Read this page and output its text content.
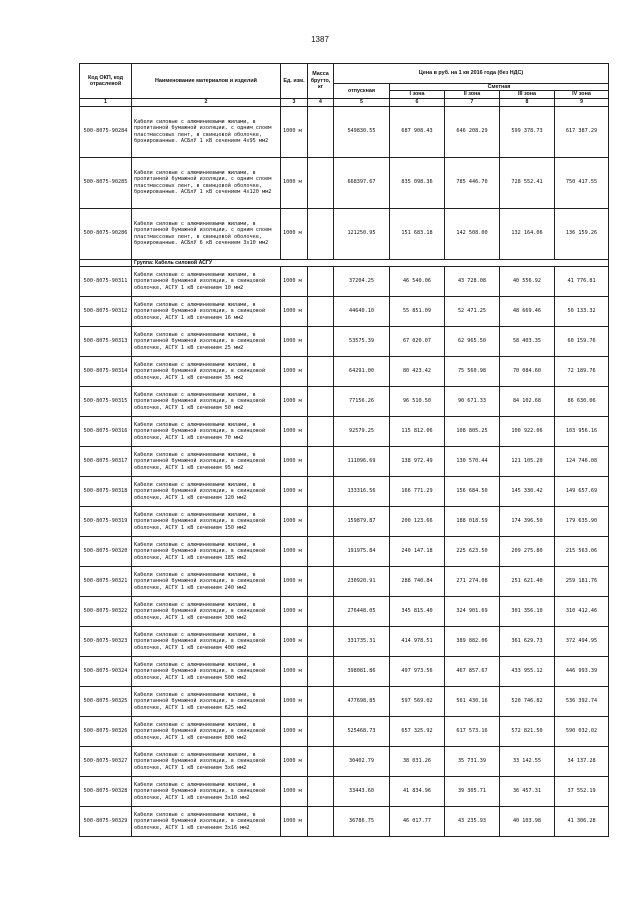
1387
Код ОКП, код отраслевой	Наименование материалов и изделий	Ед. изм.	Масса брутто, кг	Цена в руб. на 1 кв 2016 года (без НДС)				
				отпускная	Сметная			
					I зона	II зона	III зона	IV зона
1	2	3	4	5	6	7	8	9
500-8075-90284	Кабели силовые с алюминиевыми жилами, в пропитанной бумажной изоляции, с одним слоем пластмассовых лент, в свинцовой оболочке, бронированные. АСБлУ 1 кВ сечением 4х95 мм2	1000 м		549830.55	687 908.43	646 208.29	599 378.73	617 387.29
500-8075-90285	Кабели силовые с алюминиевыми жилами, в пропитанной бумажной изоляции, с одним слоем пластмассовых лент, в свинцовой оболочке, бронированные. АСБлУ 1 кВ сечением 4х120 мм2	1000 м		668397.67	835 098.36	785 446.70	728 552.41	750 417.55
500-8075-90286	Кабели силовые с алюминиевыми жилами, в пропитанной бумажной изоляции, с одним слоем пластмассовых лент, в свинцовой оболочке, бронированные. АСБлУ 6 кВ сечением 3х10 мм2	1000 м		121250.95	151 683.18	142 508.00	132 164.06	136 159.26
	Группа: Кабель силовой АСГУ							
500-8075-90311	Кабели силовые с алюминиевыми жилами, в пропитанной бумажной изоляции, в свинцовой оболочке, АСГУ 1 кВ сечением 10 мм2	1000 м		37204.25	46 540.06	43 728.08	40 556.92	41 776.81
500-8075-90312	Кабели силовые с алюминиевыми жилами, в пропитанной бумажной изоляции, в свинцовой оболочке, АСГУ 1 кВ сечением 16 мм2	1000 м		44640.10	55 851.09	52 471.25	48 669.46	50 133.32
500-8075-90313	Кабели силовые с алюминиевыми жилами, в пропитанной бумажной изоляции, в свинцовой оболочке, АСГУ 1 кВ сечением 25 мм2	1000 м		53575.39	67 020.07	62 965.50	58 403.35	60 159.76
500-8075-90314	Кабели силовые с алюминиевыми жилами, в пропитанной бумажной изоляции, в свинцовой оболочке, АСГУ 1 кВ сечением 35 мм2	1000 м		64291.00	80 423.42	75 560.98	70 084.60	72 189.76
500-8075-90315	Кабели силовые с алюминиевыми жилами, в пропитанной бумажной изоляции, в свинцовой оболочке, АСГУ 1 кВ сечением 50 мм2	1000 м		77156.26	96 510.50	90 671.33	84 102.68	86 630.06
500-8075-90316	Кабели силовые с алюминиевыми жилами, в пропитанной бумажной изоляции, в свинцовой оболочке, АСГУ 1 кВ сечением 70 мм2	1000 м		92579.25	115 812.06	108 805.25	100 922.06	103 956.16
500-8075-90317	Кабели силовые с алюминиевыми жилами, в пропитанной бумажной изоляции, в свинцовой оболочке, АСГУ 1 кВ сечением 95 мм2	1000 м		111096.69	138 972.49	130 570.44	121 105.20	124 746.08
500-8075-90318	Кабели силовые с алюминиевыми жилами, в пропитанной бумажной изоляции, в свинцовой оболочке, АСГУ 1 кВ сечением 120 мм2	1000 м		133316.56	166 771.29	156 684.50	145 330.42	149 657.69
500-8075-90319	Кабели силовые с алюминиевыми жилами, в пропитанной бумажной изоляции, в свинцовой оболочке, АСГУ 1 кВ сечением 150 мм2	1000 м		159879.87	200 123.66	188 018.59	174 396.50	179 635.90
500-8075-90320	Кабели силовые с алюминиевыми жилами, в пропитанной бумажной изоляции, в свинцовой оболочке, АСГУ 1 кВ сечением 185 мм2	1000 м		191975.84	240 147.18	225 623.50	209 275.80	215 563.06
500-8075-90321	Кабели силовые с алюминиевыми жилами, в пропитанной бумажной изоляции, в свинцовой оболочке, АСГУ 1 кВ сечением 240 мм2	1000 м		230920.91	288 740.84	271 274.08	251 621.40	259 181.76
500-8075-90322	Кабели силовые с алюминиевыми жилами, в пропитанной бумажной изоляции, в свинцовой оболочке, АСГУ 1 кВ сечением 300 мм2	1000 м		276448.05	345 815.40	324 901.69	301 356.10	310 412.46
500-8075-90323	Кабели силовые с алюминиевыми жилами, в пропитанной бумажной изоляции, в свинцовой оболочке, АСГУ 1 кВ сечением 400 мм2	1000 м		331735.31	414 978.51	389 882.06	361 629.73	372 494.95
500-8075-90324	Кабели силовые с алюминиевыми жилами, в пропитанной бумажной изоляции, в свинцовой оболочке, АСГУ 1 кВ сечением 500 мм2	1000 м		398081.86	497 973.56	467 857.67	433 955.12	446 993.39
500-8075-90325	Кабели силовые с алюминиевыми жилами, в пропитанной бумажной изоляции, в свинцовой оболочке, АСГУ 1 кВ сечением 625 мм2	1000 м		477698.85	597 569.02	561 430.16	520 746.82	536 392.74
500-8075-90326	Кабели силовые с алюминиевыми жилами, в пропитанной бумажной изоляции, в свинцовой оболочке, АСГУ 1 кВ сечением 800 мм2	1000 м		525468.73	657 325.92	617 573.16	572 821.50	590 032.02
500-8075-90327	Кабели силовые с алюминиевыми жилами, в пропитанной бумажной изоляции, в свинцовой оболочке, АСГУ 1 кВ сечением 3х6 мм2	1000 м		30402.79	38 031.26	35 731.39	33 142.55	34 137.28
500-8075-90328	Кабели силовые с алюминиевыми жилами, в пропитанной бумажной изоляции, в свинцовой оболочке, АСГУ 1 кВ сечением 3х10 мм2	1000 м		33443.60	41 834.96	39 305.71	36 457.31	37 552.19
500-8075-90329	Кабели силовые с алюминиевыми жилами, в пропитанной бумажной изоляции, в свинцовой оболочке, АСГУ 1 кВ сечением 3х16 мм2	1000 м		36786.75	46 017.77	43 235.93	40 103.98	41 306.28
